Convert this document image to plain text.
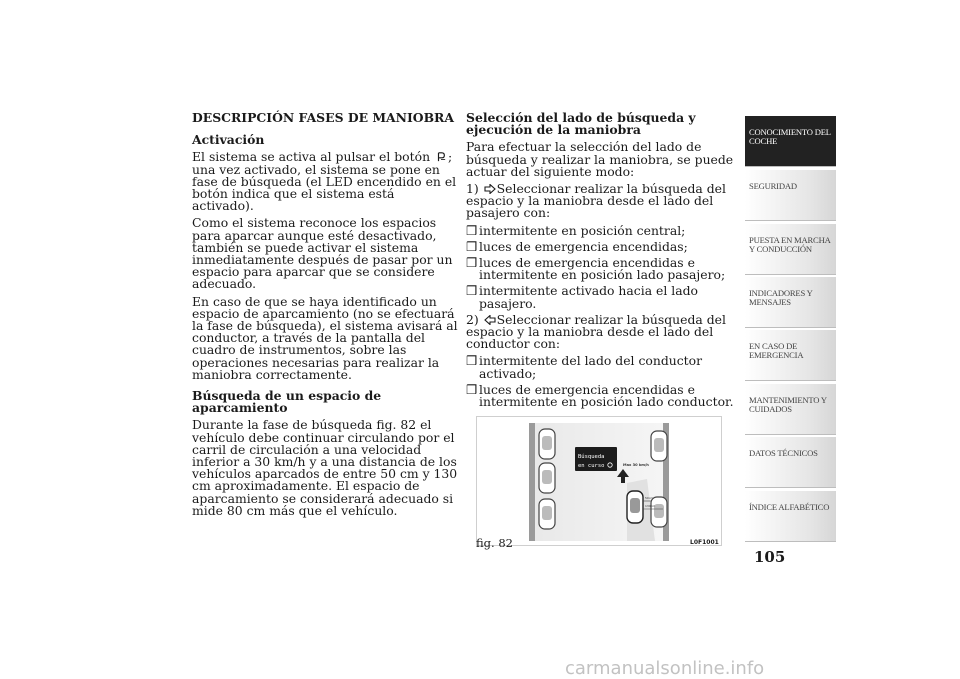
DESCRIPCIÓN FASES DE MANIOBRA

Activación

El sistema se activa al pulsar el botón ; una vez activado, el sistema se pone en fase de búsqueda (el LED encendido en el botón indica que el sistema está activado).

Como el sistema reconoce los espacios para aparcar aunque esté desactivado, también se puede activar el sistema inmediatamente después de pasar por un espacio para aparcar que se considere adecuado.

En caso de que se haya identificado un espacio de aparcamiento (no se efectuará la fase de búsqueda), el sistema avisará al conductor, a través de la pantalla del cuadro de instrumentos, sobre las operaciones necesarias para realizar la maniobra correctamente.

Búsqueda de un espacio de aparcamiento

Durante la fase de búsqueda fig. 82 el vehículo debe continuar circulando por el carril de circulación a una velocidad inferior a 30 km/h y a una distancia de los vehículos aparcados de entre 50 cm y 130 cm aproximadamente. El espacio de aparcamiento se considerará adecuado si mide 80 cm más que el vehículo.

Selección del lado de búsqueda y ejecución de la maniobra

Para efectuar la selección del lado de búsqueda y realizar la maniobra, se puede actuar del siguiente modo:

1) Seleccionar realizar la búsqueda del espacio y la maniobra desde el lado del pasajero con:

❒ intermitente en posición central;
❒ luces de emergencia encendidas;
❒ luces de emergencia encendidas e intermitente en posición lado pasajero;
❒ intermitente activado hacia el lado pasajero.

2) Seleccionar realizar la búsqueda del espacio y la maniobra desde el lado del conductor con:

❒ intermitente del lado del conductor activado;
❒ luces de emergencia encendidas e intermitente en posición lado conductor.
Búsqueda
en curso	Max 30 km/h
50cm
130cm
fig. 82	L0F1001
CONOCIMIENTO DEL COCHE
SEGURIDAD
PUESTA EN MARCHA Y CONDUCCIÓN
INDICADORES Y MENSAJES
EN CASO DE EMERGENCIA
MANTENIMIENTO Y CUIDADOS
DATOS TÉCNICOS
ÍNDICE ALFABÉTICO
105
carmanualsonline.info
